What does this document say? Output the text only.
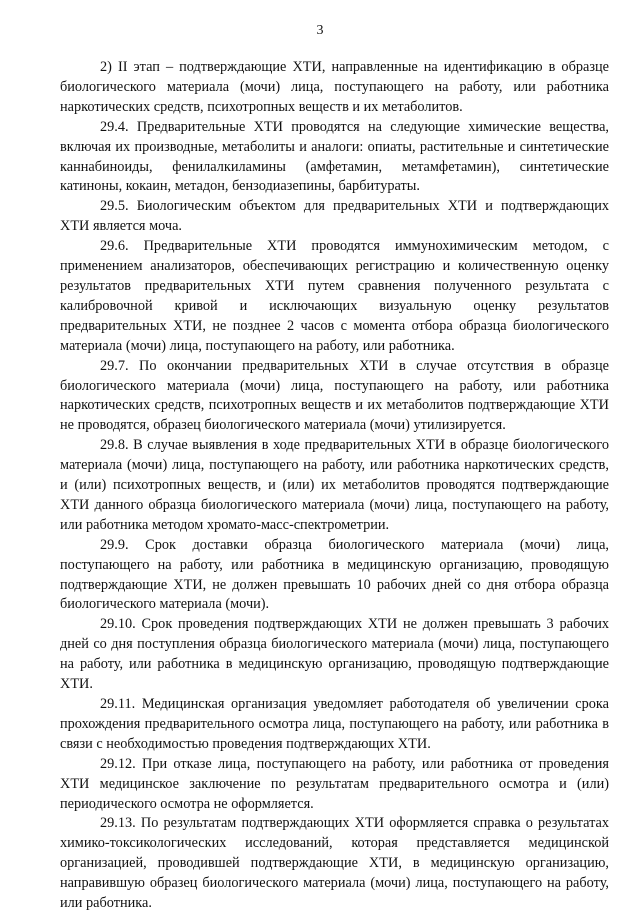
3

2) II этап – подтверждающие ХТИ, направленные на идентификацию в образце биологического материала (мочи) лица, поступающего на работу, или работника наркотических средств, психотропных веществ и их метаболитов.

29.4. Предварительные ХТИ проводятся на следующие химические вещества, включая их производные, метаболиты и аналоги: опиаты, растительные и синтетические каннабиноиды, фенилалкиламины (амфетамин, метамфетамин), синтетические катиноны, кокаин, метадон, бензодиазепины, барбитураты.

29.5. Биологическим объектом для предварительных ХТИ и подтверждающих ХТИ является моча.

29.6. Предварительные ХТИ проводятся иммунохимическим методом, с применением анализаторов, обеспечивающих регистрацию и количественную оценку результатов предварительных ХТИ путем сравнения полученного результата с калибровочной кривой и исключающих визуальную оценку результатов предварительных ХТИ, не позднее 2 часов с момента отбора образца биологического материала (мочи) лица, поступающего на работу, или работника.

29.7. По окончании предварительных ХТИ в случае отсутствия в образце биологического материала (мочи) лица, поступающего на работу, или работника наркотических средств, психотропных веществ и их метаболитов подтверждающие ХТИ не проводятся, образец биологического материала (мочи) утилизируется.

29.8. В случае выявления в ходе предварительных ХТИ в образце биологического материала (мочи) лица, поступающего на работу, или работника наркотических средств, и (или) психотропных веществ, и (или) их метаболитов проводятся подтверждающие ХТИ данного образца биологического материала (мочи) лица, поступающего на работу, или работника методом хромато-масс-спектрометрии.

29.9. Срок доставки образца биологического материала (мочи) лица, поступающего на работу, или работника в медицинскую организацию, проводящую подтверждающие ХТИ, не должен превышать 10 рабочих дней со дня отбора образца биологического материала (мочи).

29.10. Срок проведения подтверждающих ХТИ не должен превышать 3 рабочих дней со дня поступления образца биологического материала (мочи) лица, поступающего на работу, или работника в медицинскую организацию, проводящую подтверждающие ХТИ.

29.11. Медицинская организация уведомляет работодателя об увеличении срока прохождения предварительного осмотра лица, поступающего на работу, или работника в связи с необходимостью проведения подтверждающих ХТИ.

29.12. При отказе лица, поступающего на работу, или работника от проведения ХТИ медицинское заключение по результатам предварительного осмотра и (или) периодического осмотра не оформляется.

29.13. По результатам подтверждающих ХТИ оформляется справка о результатах химико-токсикологических исследований, которая представляется медицинской организацией, проводившей подтверждающие ХТИ, в медицинскую организацию, направившую образец биологического материала (мочи) лица, поступающего на работу, или работника.
